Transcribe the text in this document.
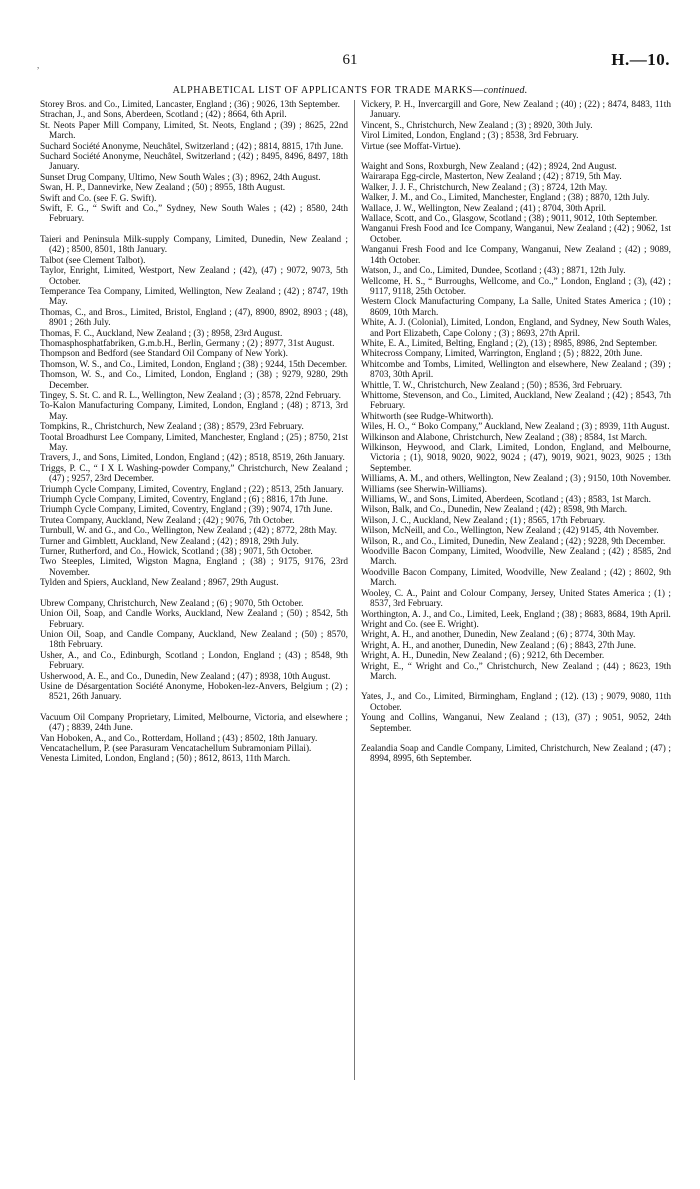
,	61	H.—10.
ALPHABETICAL LIST OF APPLICANTS FOR TRADE MARKS—continued.

Storey Bros. and Co., Limited, Lancaster, England ; (36) ; 9026, 13th September.

Strachan, J., and Sons, Aberdeen, Scotland ; (42) ; 8664, 6th April.

St. Neots Paper Mill Company, Limited, St. Neots, England ; (39) ; 8625, 22nd March.

Suchard Société Anonyme, Neuchâtel, Switzerland ; (42) ; 8814, 8815, 17th June.

Suchard Société Anonyme, Neuchâtel, Switzerland ; (42) ; 8495, 8496, 8497, 18th January.

Sunset Drug Company, Ultimo, New South Wales ; (3) ; 8962, 24th August.

Swan, H. P., Dannevirke, New Zealand ; (50) ; 8955, 18th August.

Swift and Co. (see F. G. Swift).

Swift, F. G., “ Swift and Co.,” Sydney, New South Wales ; (42) ; 8580, 24th February.

Taieri and Peninsula Milk-supply Company, Limited, Dunedin, New Zealand ; (42) ; 8500, 8501, 18th January.

Talbot (see Clement Talbot).

Taylor, Enright, Limited, Westport, New Zealand ; (42), (47) ; 9072, 9073, 5th October.

Temperance Tea Company, Limited, Wellington, New Zealand ; (42) ; 8747, 19th May.

Thomas, C., and Bros., Limited, Bristol, England ; (47), 8900, 8902, 8903 ; (48), 8901 ; 26th July.

Thomas, F. C., Auckland, New Zealand ; (3) ; 8958, 23rd August.

Thomasphosphatfabriken, G.m.b.H., Berlin, Germany ; (2) ; 8977, 31st August.

Thompson and Bedford (see Standard Oil Company of New York).

Thomson, W. S., and Co., Limited, London, England ; (38) ; 9244, 15th December.

Thomson, W. S., and Co., Limited, London, England ; (38) ; 9279, 9280, 29th December.

Tingey, S. St. C. and R. L., Wellington, New Zealand ; (3) ; 8578, 22nd February.

To-Kalon Manufacturing Company, Limited, London, England ; (48) ; 8713, 3rd May.

Tompkins, R., Christchurch, New Zealand ; (38) ; 8579, 23rd February.

Tootal Broadhurst Lee Company, Limited, Manchester, England ; (25) ; 8750, 21st May.

Travers, J., and Sons, Limited, London, England ; (42) ; 8518, 8519, 26th January.

Triggs, P. C., “ I X L Washing-powder Company,” Christchurch, New Zealand ; (47) ; 9257, 23rd December.

Triumph Cycle Company, Limited, Coventry, England ; (22) ; 8513, 25th January.

Triumph Cycle Company, Limited, Coventry, England ; (6) ; 8816, 17th June.

Triumph Cycle Company, Limited, Coventry, England ; (39) ; 9074, 17th June.

Trutea Company, Auckland, New Zealand ; (42) ; 9076, 7th October.

Turnbull, W. and G., and Co., Wellington, New Zealand ; (42) ; 8772, 28th May.

Turner and Gimblett, Auckland, New Zealand ; (42) ; 8918, 29th July.

Turner, Rutherford, and Co., Howick, Scotland ; (38) ; 9071, 5th October.

Two Steeples, Limited, Wigston Magna, England ; (38) ; 9175, 9176, 23rd November.

Tylden and Spiers, Auckland, New Zealand ; 8967, 29th August.

Ubrew Company, Christchurch, New Zealand ; (6) ; 9070, 5th October.

Union Oil, Soap, and Candle Works, Auckland, New Zealand ; (50) ; 8542, 5th February.

Union Oil, Soap, and Candle Company, Auckland, New Zealand ; (50) ; 8570, 18th February.

Usher, A., and Co., Edinburgh, Scotland ; London, England ; (43) ; 8548, 9th February.

Usherwood, A. E., and Co., Dunedin, New Zealand ; (47) ; 8938, 10th August.

Usine de Désargentation Société Anonyme, Hoboken-lez-Anvers, Belgium ; (2) ; 8521, 26th January.

Vacuum Oil Company Proprietary, Limited, Melbourne, Victoria, and elsewhere ; (47) ; 8839, 24th June.

Van Hoboken, A., and Co., Rotterdam, Holland ; (43) ; 8502, 18th January.

Vencatachellum, P. (see Parasuram Vencatachellum Subramoniam Pillai).

Venesta Limited, London, England ; (50) ; 8612, 8613, 11th March.

Vickery, P. H., Invercargill and Gore, New Zealand ; (40) ; (22) ; 8474, 8483, 11th January.

Vincent, S., Christchurch, New Zealand ; (3) ; 8920, 30th July.

Virol Limited, London, England ; (3) ; 8538, 3rd February.

Virtue (see Moffat-Virtue).

Waight and Sons, Roxburgh, New Zealand ; (42) ; 8924, 2nd August.

Wairarapa Egg-circle, Masterton, New Zealand ; (42) ; 8719, 5th May.

Walker, J. J. F., Christchurch, New Zealand ; (3) ; 8724, 12th May.

Walker, J. M., and Co., Limited, Manchester, England ; (38) ; 8870, 12th July.

Wallace, J. W., Wellington, New Zealand ; (41) ; 8704, 30th April.

Wallace, Scott, and Co., Glasgow, Scotland ; (38) ; 9011, 9012, 10th September.

Wanganui Fresh Food and Ice Company, Wanganui, New Zealand ; (42) ; 9062, 1st October.

Wanganui Fresh Food and Ice Company, Wanganui, New Zealand ; (42) ; 9089, 14th October.

Watson, J., and Co., Limited, Dundee, Scotland ; (43) ; 8871, 12th July.

Wellcome, H. S., “ Burroughs, Wellcome, and Co.,” London, England ; (3), (42) ; 9117, 9118, 25th October.

Western Clock Manufacturing Company, La Salle, United States America ; (10) ; 8609, 10th March.

White, A. J. (Colonial), Limited, London, England, and Sydney, New South Wales, and Port Elizabeth, Cape Colony ; (3) ; 8693, 27th April.

White, E. A., Limited, Belting, England ; (2), (13) ; 8985, 8986, 2nd September.

Whitecross Company, Limited, Warrington, England ; (5) ; 8822, 20th June.

Whitcombe and Tombs, Limited, Wellington and elsewhere, New Zealand ; (39) ; 8703, 30th April.

Whittle, T. W., Christchurch, New Zealand ; (50) ; 8536, 3rd February.

Whittome, Stevenson, and Co., Limited, Auckland, New Zealand ; (42) ; 8543, 7th February.

Whitworth (see Rudge-Whitworth).

Wiles, H. O., “ Boko Company,” Auckland, New Zealand ; (3) ; 8939, 11th August.

Wilkinson and Alabone, Christchurch, New Zealand ; (38) ; 8584, 1st March.

Wilkinson, Heywood, and Clark, Limited, London, England, and Melbourne, Victoria ; (1), 9018, 9020, 9022, 9024 ; (47), 9019, 9021, 9023, 9025 ; 13th September.

Williams, A. M., and others, Wellington, New Zealand ; (3) ; 9150, 10th November.

Williams (see Sherwin-Williams).

Williams, W., and Sons, Limited, Aberdeen, Scotland ; (43) ; 8583, 1st March.

Wilson, Balk, and Co., Dunedin, New Zealand ; (42) ; 8598, 9th March.

Wilson, J. C., Auckland, New Zealand ; (1) ; 8565, 17th February.

Wilson, McNeill, and Co., Wellington, New Zealand ; (42) 9145, 4th November.

Wilson, R., and Co., Limited, Dunedin, New Zealand ; (42) ; 9228, 9th December.

Woodville Bacon Company, Limited, Woodville, New Zealand ; (42) ; 8585, 2nd March.

Woodville Bacon Company, Limited, Woodville, New Zealand ; (42) ; 8602, 9th March.

Wooley, C. A., Paint and Colour Company, Jersey, United States America ; (1) ; 8537, 3rd February.

Worthington, A. J., and Co., Limited, Leek, England ; (38) ; 8683, 8684, 19th April.

Wright and Co. (see E. Wright).

Wright, A. H., and another, Dunedin, New Zealand ; (6) ; 8774, 30th May.

Wright, A. H., and another, Dunedin, New Zealand ; (6) ; 8843, 27th June.

Wright, A. H., Dunedin, New Zealand ; (6) ; 9212, 6th December.

Wright, E., “ Wright and Co.,” Christchurch, New Zealand ; (44) ; 8623, 19th March.

Yates, J., and Co., Limited, Birmingham, England ; (12). (13) ; 9079, 9080, 11th October.

Young and Collins, Wanganui, New Zealand ; (13), (37) ; 9051, 9052, 24th September.

Zealandia Soap and Candle Company, Limited, Christchurch, New Zealand ; (47) ; 8994, 8995, 6th September.
